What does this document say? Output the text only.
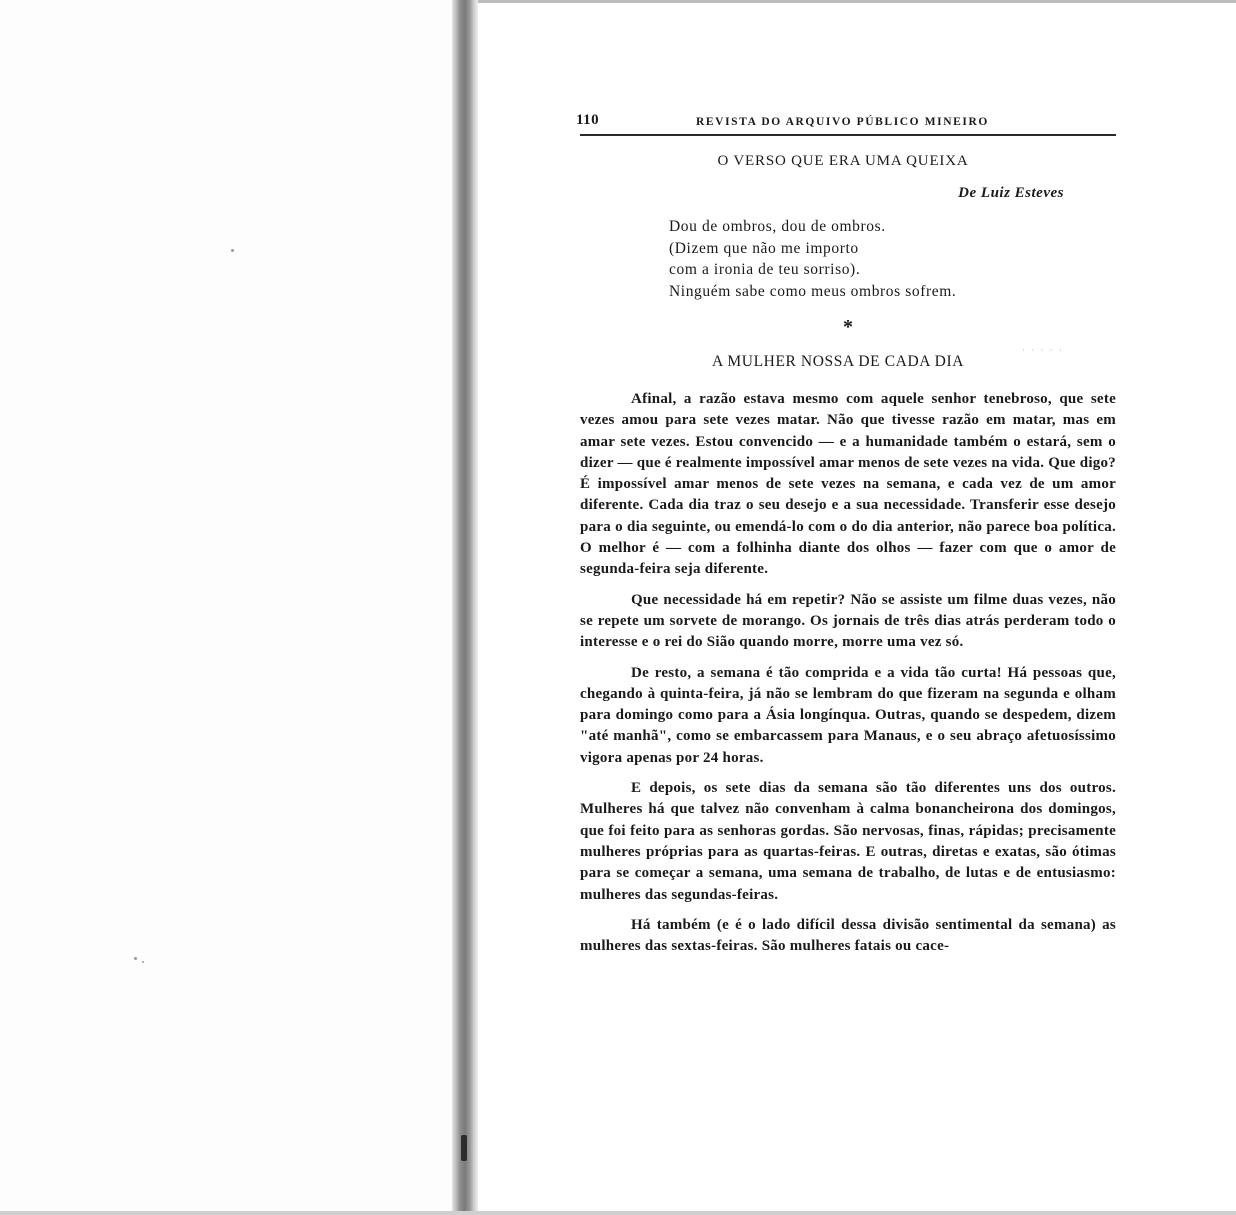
· · · · ·
110	REVISTA DO ARQUIVO PÚBLICO MINEIRO
O VERSO QUE ERA UMA QUEIXA
De Luiz Esteves
Dou de ombros, dou de ombros.
(Dizem que não me importo
com a ironia de teu sorriso).
Ninguém sabe como meus ombros sofrem.
*
A MULHER NOSSA DE CADA DIA

Afinal, a razão estava mesmo com aquele senhor tenebroso, que sete vezes amou para sete vezes matar. Não que tivesse razão em matar, mas em amar sete vezes. Estou convencido — e a humanidade também o estará, sem o dizer — que é realmente impossível amar menos de sete vezes na vida. Que digo? É impossível amar menos de sete vezes na semana, e cada vez de um amor diferente. Cada dia traz o seu desejo e a sua necessidade. Transferir esse desejo para o dia seguinte, ou emendá-lo com o do dia anterior, não parece boa política. O melhor é — com a folhinha diante dos olhos — fazer com que o amor de segunda-feira seja diferente.

Que necessidade há em repetir? Não se assiste um filme duas vezes, não se repete um sorvete de morango. Os jornais de três dias atrás perderam todo o interesse e o rei do Sião quando morre, morre uma vez só.

De resto, a semana é tão comprida e a vida tão curta! Há pessoas que, chegando à quinta-feira, já não se lembram do que fizeram na segunda e olham para domingo como para a Ásia longínqua. Outras, quando se despedem, dizem "até manhã", como se embarcassem para Manaus, e o seu abraço afetuosíssimo vigora apenas por 24 horas.

E depois, os sete dias da semana são tão diferentes uns dos outros. Mulheres há que talvez não convenham à calma bonancheirona dos domingos, que foi feito para as senhoras gordas. São nervosas, finas, rápidas; precisamente mulheres próprias para as quartas-feiras. E outras, diretas e exatas, são ótimas para se começar a semana, uma semana de trabalho, de lutas e de entusiasmo: mulheres das segundas-feiras.

Há também (e é o lado difícil dessa divisão sentimental da semana) as mulheres das sextas-feiras. São mulheres fatais ou cace-
